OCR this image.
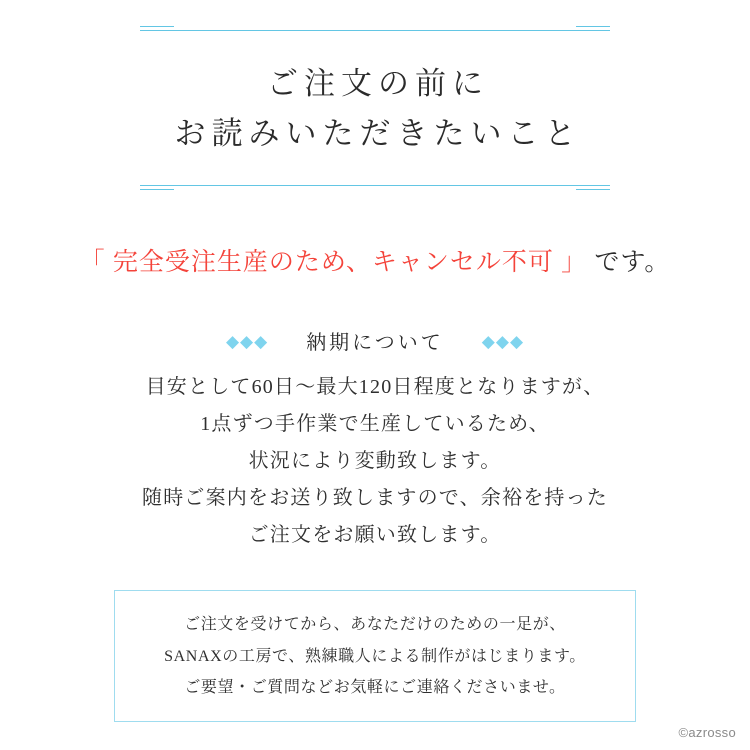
ご注文の前に
お読みいただきたいこと
「 完全受注生産のため、キャンセル不可 」 です。
◆◆◆ 納期について ◆◆◆
目安として60日〜最大120日程度となりますが、
1点ずつ手作業で生産しているため、
状況により変動致します。
随時ご案内をお送り致しますので、余裕を持った
ご注文をお願い致します。
ご注文を受けてから、あなただけのための一足が、
SANAXの工房で、熟練職人による制作がはじまります。
ご要望・ご質問などお気軽にご連絡くださいませ。
©azrosso
